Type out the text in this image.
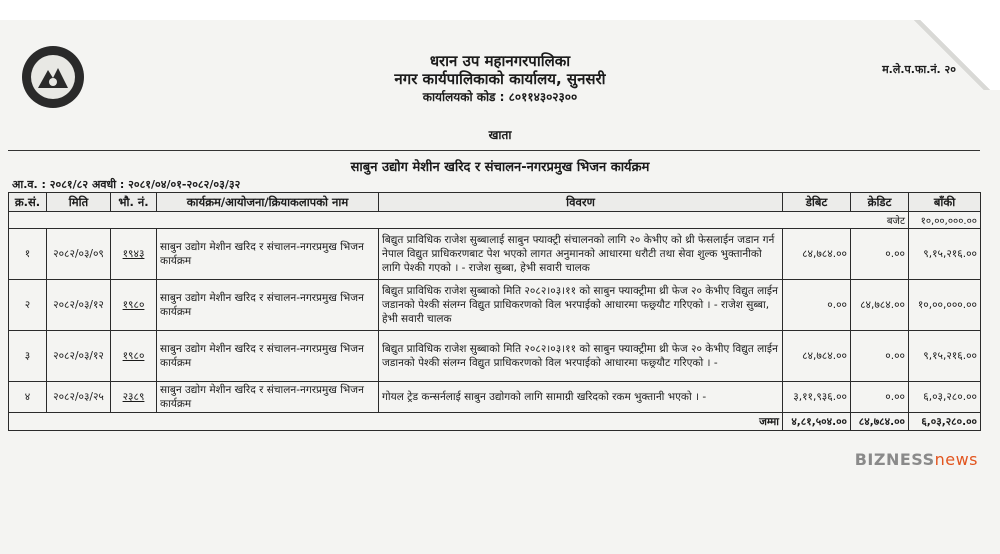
धरान उप महानगरपालिका
नगर कार्यपालिकाको कार्यालय, सुनसरी
कार्यालयको कोड : ८०११४३०२३००
म.ले.प.फा.नं. २०
खाता
साबुन उद्योग मेशीन खरिद र संचालन-नगरप्रमुख भिजन कार्यक्रम
आ.व. : २०८१/८२ अवधी : २०८१/०४/०१-२०८२/०३/३२
क्र.सं.	मिति	भौ. नं.	कार्यक्रम/आयोजना/क्रियाकलापको नाम	विवरण	डेबिट	क्रेडिट	बाँकी
बजेट							१०,००,०००.००
१	२०८२/०३/०९	१९४३	साबुन उद्योग मेशीन खरिद र संचालन-नगरप्रमुख भिजन कार्यक्रम	बिद्युत प्राविधिक राजेश सुब्बालाई साबुन फ्याक्ट्री संचालनको लागि २० केभीए को थ्री फेसलाईन जडान गर्न नेपाल विद्युत प्राधिकरणबाट पेश भएको लागत अनुमानको आधारमा धरौटी तथा सेवा शुल्क भुक्तानीको लागि पेश्की गएको । - राजेश सुब्बा, हेभी सवारी चालक	८४,७८४.००	०.००	९,१५,२१६.००
२	२०८२/०३/१२	१९८०	साबुन उद्योग मेशीन खरिद र संचालन-नगरप्रमुख भिजन कार्यक्रम	बिद्युत प्राविधिक राजेश सुब्बाको मिति २०८२।०३।११ को साबुन फ्याक्ट्रीमा थ्री फेज २० केभीए विद्युत लाईन जडानको पेश्की संलग्न विद्युत प्राधिकरणको विल भरपाईको आधारमा फछ्र्यौट गरिएको । - राजेश सुब्बा, हेभी सवारी चालक	०.००	८४,७८४.००	१०,००,०००.००
३	२०८२/०३/१२	१९८०	साबुन उद्योग मेशीन खरिद र संचालन-नगरप्रमुख भिजन कार्यक्रम	बिद्युत प्राविधिक राजेश सुब्बाको मिति २०८२।०३।११ को साबुन फ्याक्ट्रीमा थ्री फेज २० केभीए विद्युत लाईन जडानको पेश्की संलग्न विद्युत प्राधिकरणको विल भरपाईको आधारमा फछ्र्यौट गरिएको । -	८४,७८४.००	०.००	९,१५,२१६.००
४	२०८२/०३/२५	२३८९	साबुन उद्योग मेशीन खरिद र संचालन-नगरप्रमुख भिजन कार्यक्रम	गोयल ट्रेड कन्सर्नलाई साबुन उद्योगको लागि सामाग्री खरिदको रकम भुक्तानी भएको । -	३,११,९३६.००	०.००	६,०३,२८०.००
जम्मा					४,८१,५०४.००	८४,७८४.००	६,०३,२८०.००
BIZNESSnews
